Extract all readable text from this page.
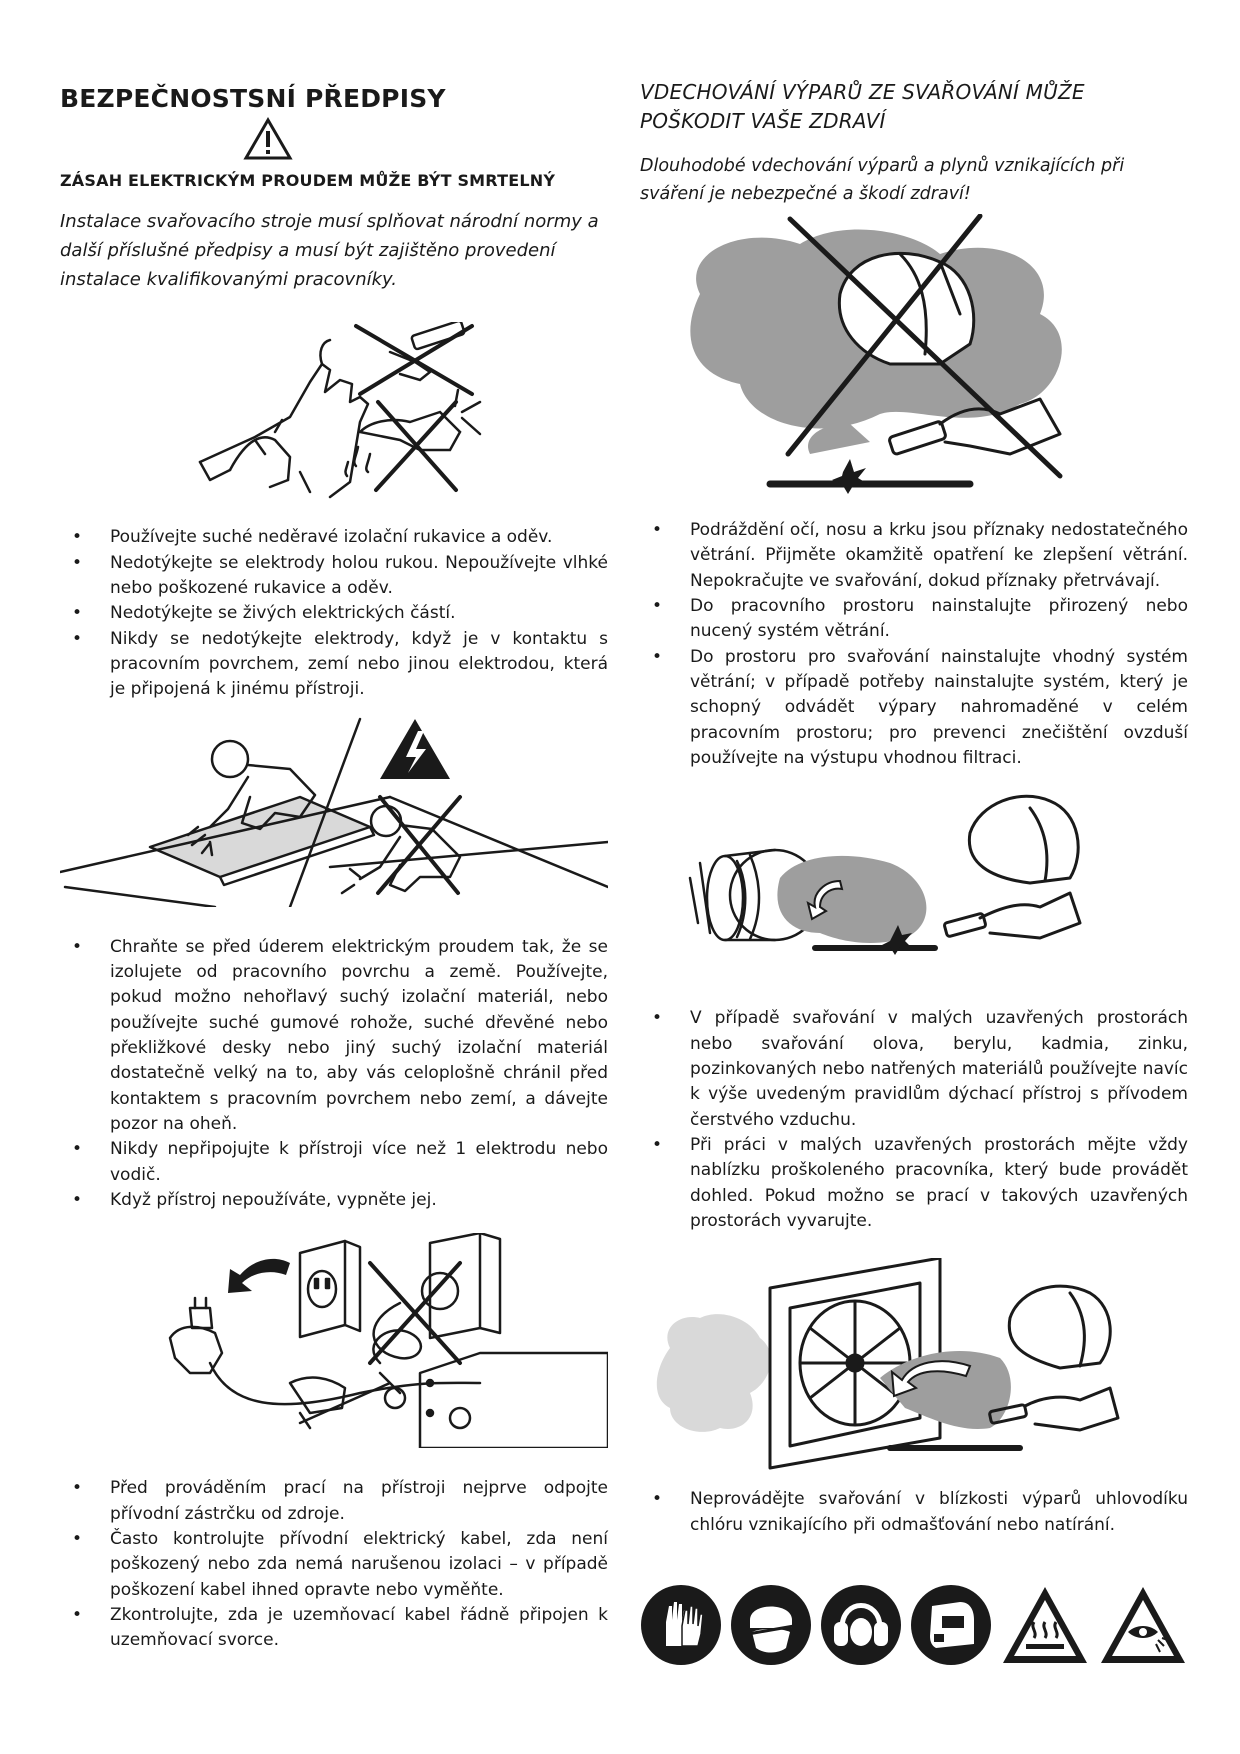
BEZPEČNOSTSNÍ PŘEDPISY
ZÁSAH ELEKTRICKÝM PROUDEM MŮŽE BÝT SMRTELNÝ

Instalace svařovacího stroje musí splňovat národní normy a další příslušné předpisy a musí být zajištěno provedení instalace kvalifikovanými pracovníky.

• Používejte suché neděravé izolační rukavice a oděv.
• Nedotýkejte se elektrody holou rukou. Nepoužívejte vlhké nebo poškozené rukavice a oděv.
• Nedotýkejte se živých elektrických částí.
• Nikdy se nedotýkejte elektrody, když je v kontaktu s pracovním povrchem, zemí nebo jinou elektrodou, která je připojená k jinému přístroji.
• Chraňte se před úderem elektrickým proudem tak, že se izolujete od pracovního povrchu a země. Používejte, pokud možno nehořlavý suchý izolační materiál, nebo používejte suché gumové rohože, suché dřevěné nebo překližkové desky nebo jiný suchý izolační materiál dostatečně velký na to, aby vás celoplošně chránil před kontaktem s pracovním povrchem nebo zemí, a dávejte pozor na oheň.
• Nikdy nepřipojujte k přístroji více než 1 elektrodu nebo vodič.
• Když přístroj nepoužíváte, vypněte jej.
• Před prováděním prací na přístroji nejprve odpojte přívodní zástrčku od zdroje.
• Často kontrolujte přívodní elektrický kabel, zda není poškozený nebo zda nemá narušenou izolaci – v případě poškození kabel ihned opravte nebo vyměňte.
• Zkontrolujte, zda je uzemňovací kabel řádně připojen k uzemňovací svorce.

VDECHOVÁNÍ VÝPARŮ ZE SVAŘOVÁNÍ MŮŽE POŠKODIT VAŠE ZDRAVÍ

Dlouhodobé vdechování výparů a plynů vznikajících při sváření je nebezpečné a škodí zdraví!

• Podráždění očí, nosu a krku jsou příznaky nedostatečného větrání. Přijměte okamžitě opatření ke zlepšení větrání. Nepokračujte ve svařování, dokud příznaky přetrvávají.
• Do pracovního prostoru nainstalujte přirozený nebo nucený systém větrání.
• Do prostoru pro svařování nainstalujte vhodný systém větrání; v případě potřeby nainstalujte systém, který je schopný odvádět výpary nahromaděné v celém pracovním prostoru; pro prevenci znečištění ovzduší používejte na výstupu vhodnou filtraci.
• V případě svařování v malých uzavřených prostorách nebo svařování olova, berylu, kadmia, zinku, pozinkovaných nebo natřených materiálů používejte navíc k výše uvedeným pravidlům dýchací přístroj s přívodem čerstvého vzduchu.
• Při práci v malých uzavřených prostorách mějte vždy nablízku proškoleného pracovníka, který bude provádět dohled. Pokud možno se prací v takových uzavřených prostorách vyvarujte.
• Neprovádějte svařování v blízkosti výparů uhlovodíku chlóru vznikajícího při odmašťování nebo natírání.
